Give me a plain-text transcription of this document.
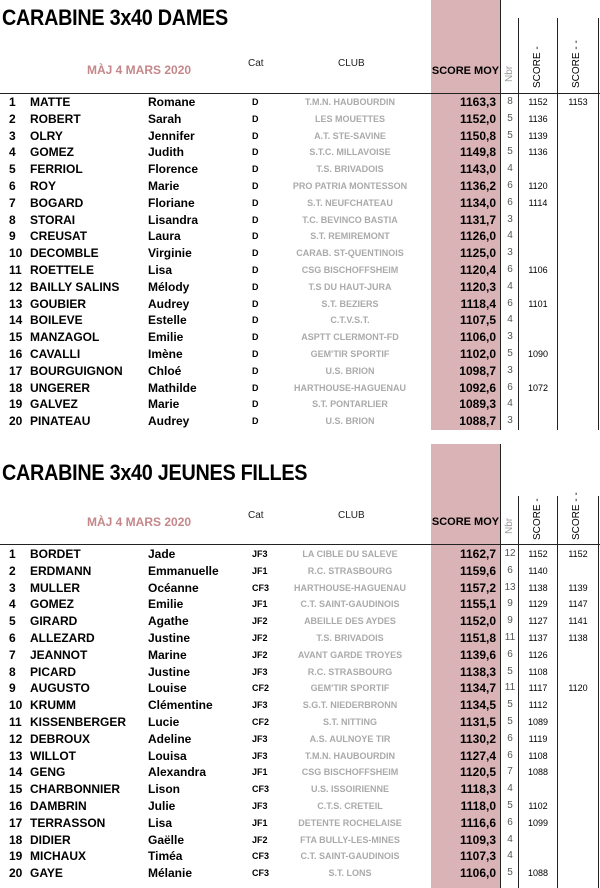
CARABINE 3x40 DAMES
MÀJ 4 MARS 2020	Cat	CLUB
SCORE MOY Nbr SCORE -	SCORE - -
1 MATTE	Romane	D	T.M.N. HAUBOURDIN	1163,3	8	1152	1153
2 ROBERT	Sarah	D	LES MOUETTES	1152,0	5	1136
3 OLRY	Jennifer	D	A.T. STE-SAVINE	1150,8	5	1139
4 GOMEZ	Judith	D	S.T.C. MILLAVOISE	1149,8	5	1136
5 FERRIOL	Florence	D	T.S. BRIVADOIS	1143,0	4
6 ROY	Marie	D	PRO PATRIA MONTESSON	1136,2	6	1120
7 BOGARD	Floriane	D	S.T. NEUFCHATEAU	1134,0	6	1114
8 STORAI	Lisandra	D	T.C. BEVINCO BASTIA	1131,7	3
9 CREUSAT	Laura	D	S.T. REMIREMONT	1126,0	4
10 DECOMBLE	Virginie	D	CARAB. ST-QUENTINOIS	1125,0	3
11 ROETTELE	Lisa	D	CSG BISCHOFFSHEIM	1120,4	6	1106
12 BAILLY SALINS Mélody	D	T.S DU HAUT-JURA	1120,3	4
13 GOUBIER	Audrey	D	S.T. BEZIERS	1118,4	6	1101
14 BOILEVE	Estelle	D	C.T.V.S.T.	1107,5	4
15 MANZAGOL	Emilie	D	ASPTT CLERMONT-FD	1106,0	3
16 CAVALLI	Imène	D	GEM'TIR SPORTIF	1102,0	5	1090
17 BOURGUIGNON Chloé	D	U.S. BRION	1098,7	3
18 UNGERER	Mathilde	D	HARTHOUSE-HAGUENAU	1092,6	6	1072
19 GALVEZ	Marie	D	S.T. PONTARLIER	1089,3	4
20 PINATEAU	Audrey	D	U.S. BRION	1088,7	3
CARABINE 3x40 JEUNES FILLES
MÀJ 4 MARS 2020	Cat	CLUB
SCORE MOY Nbr SCORE -	SCORE - -
1 BORDET	Jade	JF3	LA CIBLE DU SALEVE	1162,7 12	1152	1152
2 ERDMANN	Emmanuelle	JF1	R.C. STRASBOURG	1159,6	6	1140
3 MULLER	Océanne	CF3	HARTHOUSE-HAGUENAU	1157,2 13	1138	1139
4 GOMEZ	Emilie	JF1	C.T. SAINT-GAUDINOIS	1155,1	9	1129	1147
5 GIRARD	Agathe	JF2	ABEILLE DES AYDES	1152,0	9	1127	1141
6 ALLEZARD	Justine	JF2	T.S. BRIVADOIS	1151,8 11	1137	1138
7 JEANNOT	Marine	JF2	AVANT GARDE TROYES	1139,6	6	1126
8 PICARD	Justine	JF3	R.C. STRASBOURG	1138,3	5	1108
9 AUGUSTO	Louise	CF2	GEM'TIR SPORTIF	1134,7 11	1117	1120
10 KRUMM	Clémentine	JF3	S.G.T. NIEDERBRONN	1134,5	5	1112
11 KISSENBERGER Lucie	CF2	S.T. NITTING	1131,5	5	1089
12 DEBROUX	Adeline	JF3	A.S. AULNOYE TIR	1130,2	6	1119
13 WILLOT	Louisa	JF3	T.M.N. HAUBOURDIN	1127,4	6	1108
14 GENG	Alexandra	JF1	CSG BISCHOFFSHEIM	1120,5	7	1088
15 CHARBONNIER Lison	CF3	U.S. ISSOIRIENNE	1118,3	4
16 DAMBRIN	Julie	JF3	C.T.S. CRETEIL	1118,0	5	1102
17 TERRASSON	Lisa	JF1	DETENTE ROCHELAISE	1116,6	6	1099
18 DIDIER	Gaëlle	JF2	FTA BULLY-LES-MINES	1109,3	4
19 MICHAUX	Timéa	CF3	C.T. SAINT-GAUDINOIS	1107,3	4
20 GAYE	Mélanie	CF3	S.T. LONS	1106,0	5	1088
